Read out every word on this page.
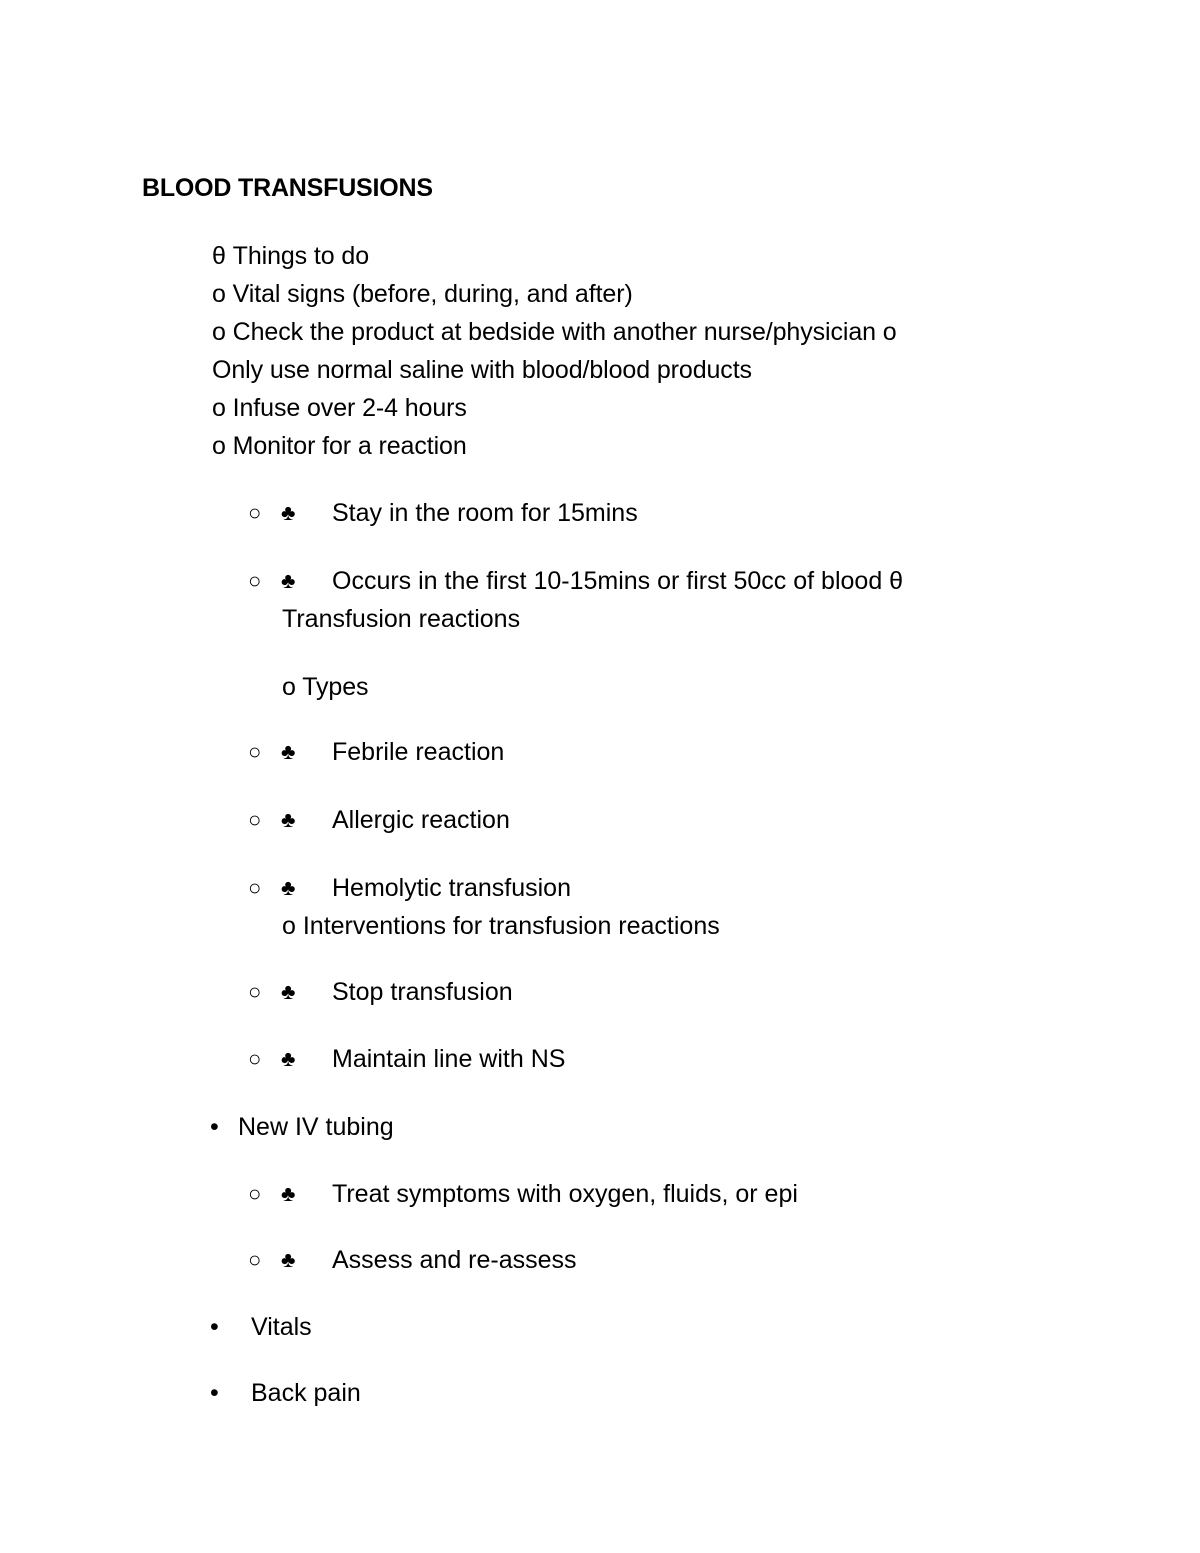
BLOOD TRANSFUSIONS
θ Things to do
o Vital signs (before, during, and after)
o Check the product at bedside with another nurse/physician o
Only use normal saline with blood/blood products
o Infuse over 2-4 hours
o Monitor for a reaction
○ ♣ Stay in the room for 15mins
○ ♣ Occurs in the first 10-15mins or first 50cc of blood θ
Transfusion reactions
o Types
○ ♣ Febrile reaction
○ ♣ Allergic reaction
○ ♣ Hemolytic transfusion
o Interventions for transfusion reactions
○ ♣ Stop transfusion
○ ♣ Maintain line with NS
• New IV tubing
○ ♣ Treat symptoms with oxygen, fluids, or epi
○ ♣ Assess and re-assess
• Vitals
• Back pain
